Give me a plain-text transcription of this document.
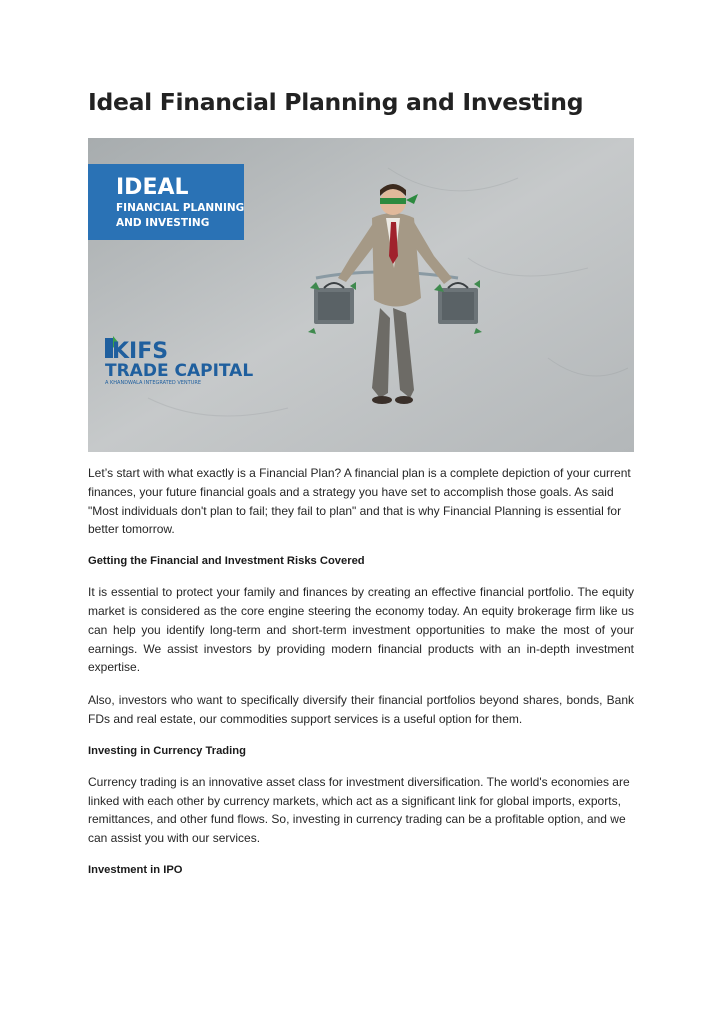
Ideal Financial Planning and Investing
IDEAL
FINANCIAL PLANNING
AND INVESTING
KIFS
TRADE CAPITAL
A KHANDWALA INTEGRATED VENTURE

Let’s start with what exactly is a Financial Plan? A financial plan is a complete depiction of your current finances, your future financial goals and a strategy you have set to accomplish those goals. As said "Most individuals don't plan to fail; they fail to plan" and that is why Financial Planning is essential for better tomorrow.

Getting the Financial and Investment Risks Covered

It is essential to protect your family and finances by creating an effective financial portfolio. The equity market is considered as the core engine steering the economy today. An equity brokerage firm like us can help you identify long-term and short-term investment opportunities to make the most of your earnings. We assist investors by providing modern financial products with an in-depth investment expertise.

Also, investors who want to specifically diversify their financial portfolios beyond shares, bonds, Bank FDs and real estate, our commodities support services is a useful option for them.

Investing in Currency Trading

Currency trading is an innovative asset class for investment diversification. The world's economies are linked with each other by currency markets, which act as a significant link for global imports, exports, remittances, and other fund flows. So, investing in currency trading can be a profitable option, and we can assist you with our services.

Investment in IPO
